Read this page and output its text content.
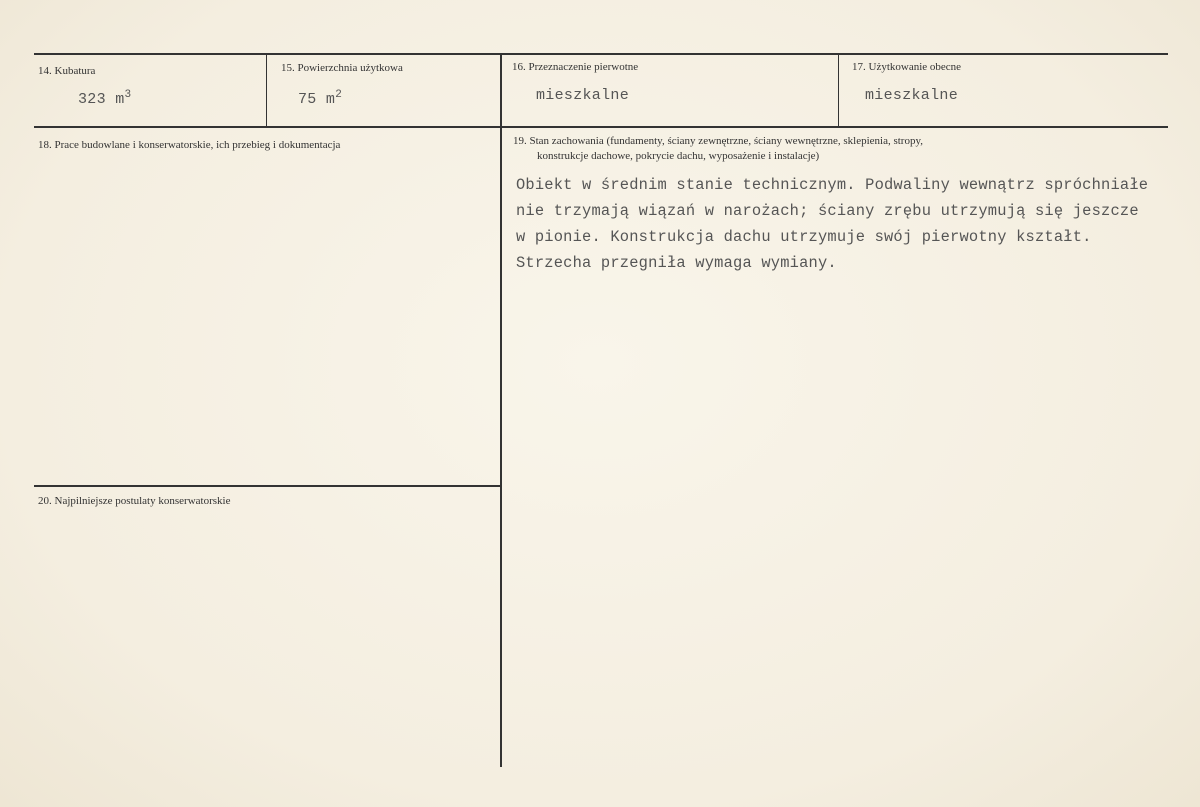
14. Kubatura
323 $m^3$
15. Powierzchnia użytkowa
75 $m^2$
16. Przeznaczenie pierwotne
mieszkalne
17. Użytkowanie obecne
mieszkalne
18. Prace budowlane i konserwatorskie, ich przebieg i dokumentacja	19. Stan zachowania (fundamenty, ściany zewnętrzne, ściany wewnętrzne, sklepienia, stropy,
konstrukcje dachowe, pokrycie dachu, wyposażenie i instalacje)
Obiekt w średnim stanie technicznym. Podwaliny wewnątrz spróchniałe
nie trzymają wiązań w narożach; ściany zrębu utrzymują się jeszcze
w pionie. Konstrukcja dachu utrzymuje swój pierwotny kształt.
Strzecha przegniła wymaga wymiany.
20. Najpilniejsze postulaty konserwatorskie
